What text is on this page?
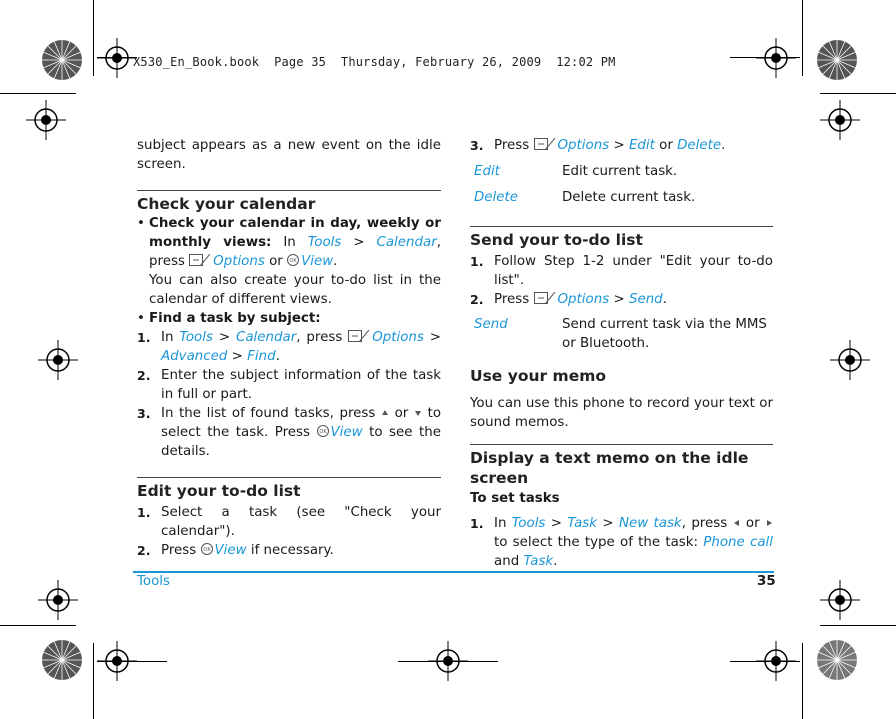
X530_En_Book.book  Page 35  Thursday, February 26, 2009  12:02 PM

subject appears as a new event on the idle screen.

Check your calendar
• Check your calendar in day, weekly or monthly views: In Tools > Calendar, press Options or OK View.

You can also create your to-do list in the calendar of different views.

• Find a task by subject:
1. In Tools > Calendar, press Options > Advanced > Find.
2. Enter the subject information of the task in full or part.
3. In the list of found tasks, press or to select the task. Press OK View to see the details.
Edit your to-do list
1. Select a task (see "Check your calendar").
2. Press OK View if necessary.
3. Press Options > Edit or Delete.
Edit	Edit current task.
Delete	Delete current task.
Send your to-do list
1. Follow Step 1-2 under "Edit your to-do list".
2. Press Options > Send.
Send	Send current task via the MMS or Bluetooth.
Use your memo

You can use this phone to record your text or sound memos.

Display a text memo on the idle screen
To set tasks
1. In Tools > Task > New task, press or  to select the type of the task: Phone call and Task.
Tools	35
